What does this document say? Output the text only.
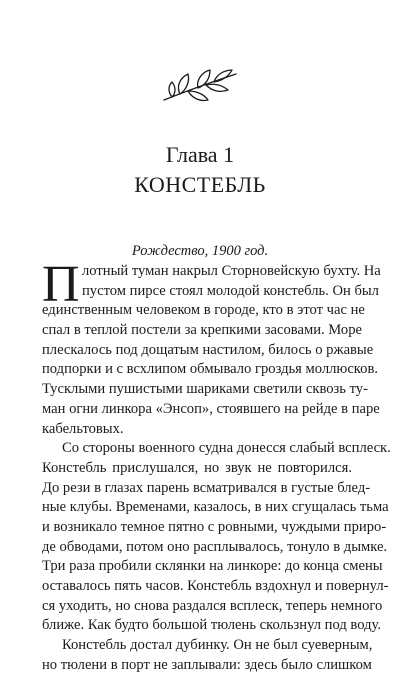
Глава 1
КОНСТЕБЛЬ
Рождество, 1900 год.
П лотный туман накрыл Сторновейскую бухту. На
пустом пирсе стоял молодой констебль. Он был
единственным человеком в городе, кто в этот час не
спал в теплой постели за крепкими засовами. Море
плескалось под дощатым настилом, билось о ржавые
подпорки и с всхлипом обмывало гроздья моллюсков.
Тусклыми пушистыми шариками светили сквозь ту-
ман огни линкора «Энсоп», стоявшего на рейде в паре
кабельтовых.
Со стороны военного судна донесся слабый всплеск.
Констебль прислушался, но звук не повторился.
До рези в глазах парень всматривался в густые блед-
ные клубы. Временами, казалось, в них сгущалась тьма
и возникало темное пятно с ровными, чуждыми приро-
де обводами, потом оно расплывалось, тонуло в дымке.
Три раза пробили склянки на линкоре: до конца смены
оставалось пять часов. Констебль вздохнул и повернул-
ся уходить, но снова раздался всплеск, теперь немного
ближе. Как будто большой тюлень скользнул под воду.
Констебль достал дубинку. Он не был суеверным,
но тюлени в порт не заплывали: здесь было слишком
